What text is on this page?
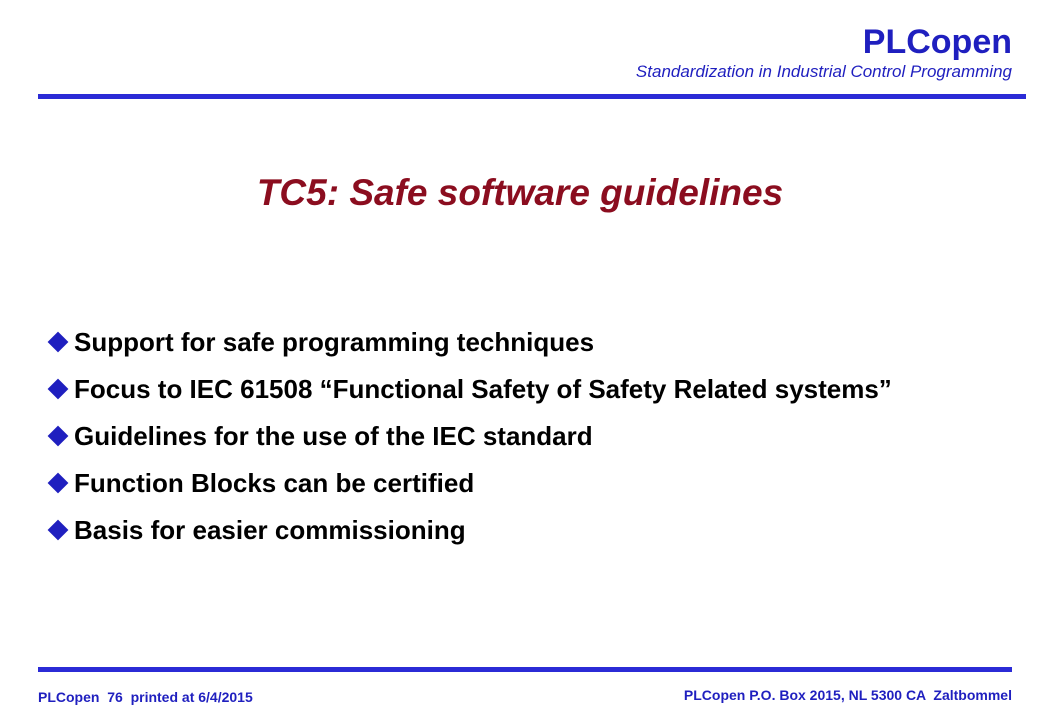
PLCopen
Standardization in Industrial Control Programming
TC5: Safe software guidelines
Support for safe programming techniques
Focus to IEC 61508 “Functional Safety of Safety Related systems”
Guidelines for the use of the IEC standard
Function Blocks can be certified
Basis for easier commissioning
PLCopen  76  printed at 6/4/2015	PLCopen P.O. Box 2015, NL 5300 CA  Zaltbommel
